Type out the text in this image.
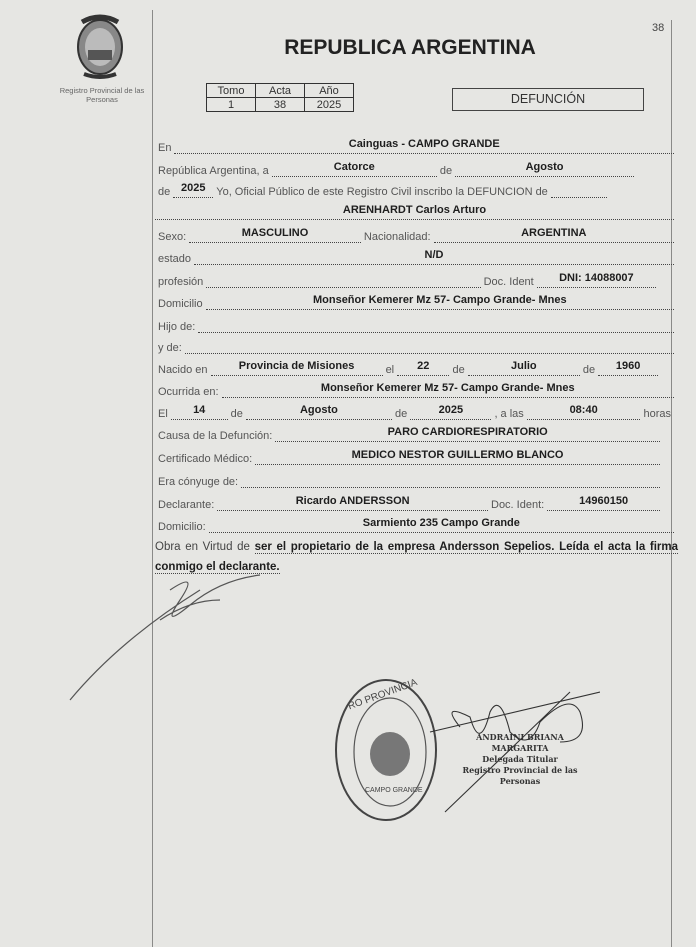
Registro Provincial de las Personas
REPUBLICA ARGENTINA
38
Tomo	Acta	Año
1	38	2025	DEFUNCIÓN
En	Cainguas - CAMPO GRANDE
República Argentina, a	Catorce	de	Agosto
de 2025 Yo, Oficial Público de este Registro Civil inscribo la DEFUNCION de
ARENHARDT Carlos Arturo
Sexo:	MASCULINO	Nacionalidad:	ARGENTINA
estado	N/D
profesión	Doc. Ident	DNI: 14088007
Domicilio	Monseñor Kemerer Mz 57- Campo Grande- Mnes
Hijo de:
y de:
Nacido en	Provincia de Misiones	el	22	de	Julio	de	1960
Ocurrida en:	Monseñor Kemerer Mz 57- Campo Grande- Mnes
El	14	de	Agosto	de	2025	, a las	08:40	horas
Causa de la Defunción:	PARO CARDIORESPIRATORIO
Certificado Médico:	MEDICO NESTOR GUILLERMO BLANCO
Era cónyuge de:
Declarante:	Ricardo ANDERSSON	Doc. Ident:	14960150
Domicilio:	Sarmiento 235 Campo Grande
Obra en Virtud de ser el propietario de la empresa Andersson Sepelios. Leída el acta la firma conmigo el declarante.
RO PROVINCIA
CAMPO GRANDE
ANDRAINI BRIANA MARGARITA
Delegada Titular
Registro Provincial de las Personas
